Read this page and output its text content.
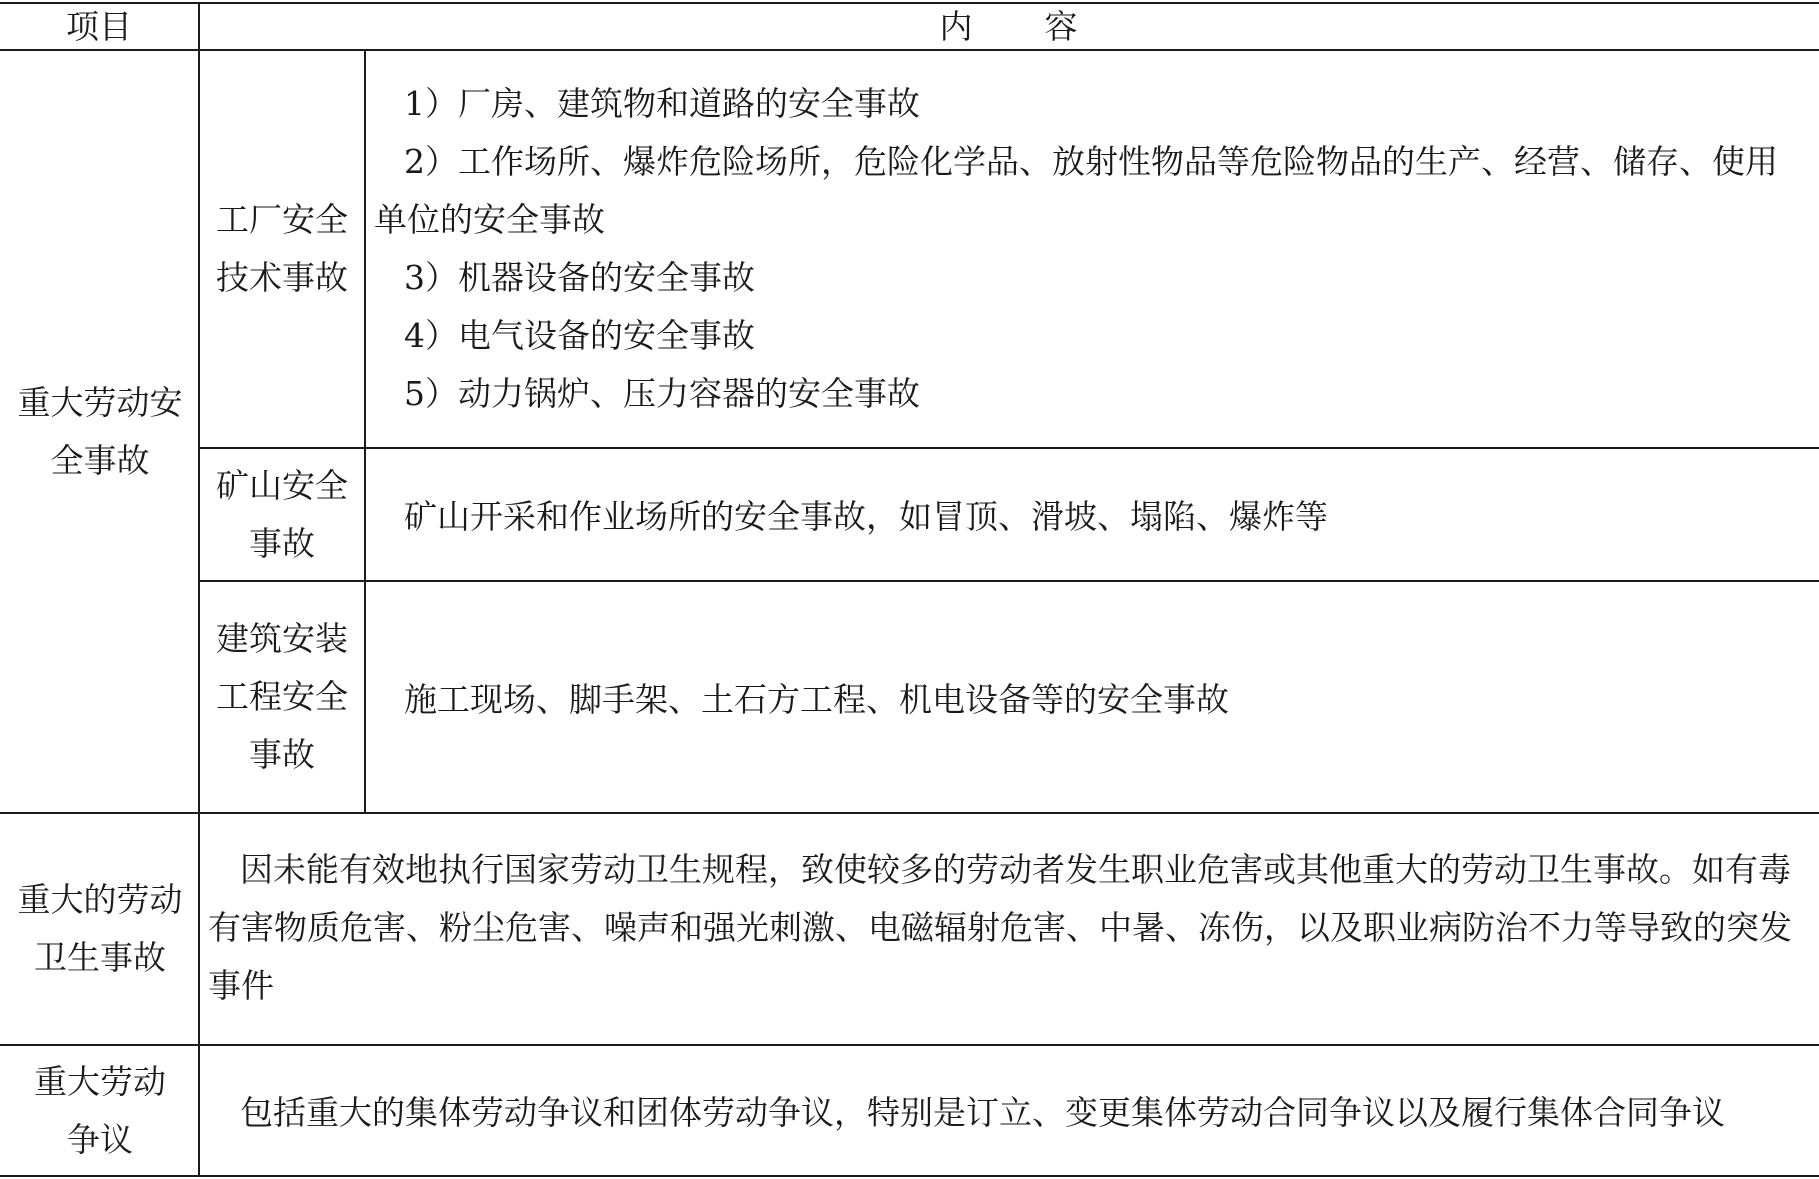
项目	内　　容
重大劳动安全事故
工厂安全技术事故
1）厂房、建筑物和道路的安全事故
2）工作场所、爆炸危险场所，危险化学品、放射性物品等危险物品的生产、经营、储存、使用
单位的安全事故
3）机器设备的安全事故
4）电气设备的安全事故
5）动力锅炉、压力容器的安全事故
矿山安全事故
矿山开采和作业场所的安全事故，如冒顶、滑坡、塌陷、爆炸等
建筑安装工程安全事故
施工现场、脚手架、土石方工程、机电设备等的安全事故
重大的劳动卫生事故
因未能有效地执行国家劳动卫生规程，致使较多的劳动者发生职业危害或其他重大的劳动卫生事故。如有毒
有害物质危害、粉尘危害、噪声和强光刺激、电磁辐射危害、中暑、冻伤，以及职业病防治不力等导致的突发
事件
重大劳动争议
包括重大的集体劳动争议和团体劳动争议，特别是订立、变更集体劳动合同争议以及履行集体合同争议
